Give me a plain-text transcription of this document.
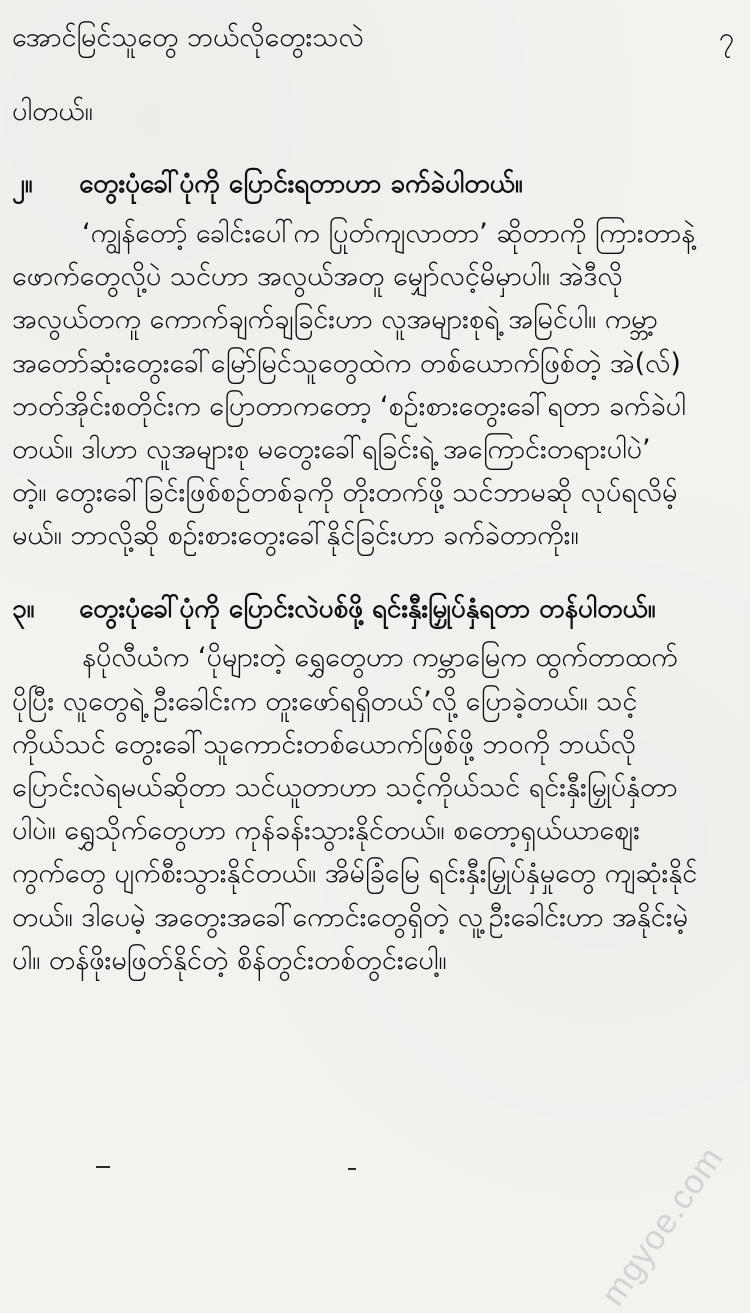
အောင်မြင်သူတွေ ဘယ်လိုတွေးသလဲ	၇
ပါတယ်။
၂။ တွေးပုံခေါ်ပုံကို ပြောင်းရတာဟာ ခက်ခဲပါတယ်။
‘ကျွန်တော့် ခေါင်းပေါ်က ပြုတ်ကျလာတာ’ ဆိုတာကို ကြားတာနဲ့
ဖောက်တွေလို့ပဲ သင်ဟာ အလွယ်အတူ မျှော်လင့်မိမှာပါ။ အဲဒီလို
အလွယ်တကူ ကောက်ချက်ချခြင်းဟာ လူအများစုရဲ့ အမြင်ပါ။ ကမ္ဘာ့
အတော်ဆုံးတွေးခေါ်မြော်မြင်သူတွေထဲက တစ်ယောက်ဖြစ်တဲ့ အဲ(လ်)
ဘတ်အိုင်းစတိုင်းက ပြောတာကတော့ ‘စဉ်းစားတွေးခေါ်ရတာ ခက်ခဲပါ
တယ်။ ဒါဟာ လူအများစု မတွေးခေါ်ရခြင်းရဲ့ အကြောင်းတရားပါပဲ’
တဲ့။ တွေးခေါ်ခြင်းဖြစ်စဉ်တစ်ခုကို တိုးတက်ဖို့ သင်ဘာမဆို လုပ်ရလိမ့်
မယ်။ ဘာလို့ဆို စဉ်းစားတွေးခေါ်နိုင်ခြင်းဟာ ခက်ခဲတာကိုး။
၃။ တွေးပုံခေါ်ပုံကို ပြောင်းလဲပစ်ဖို့ ရင်းနှီးမြှုပ်နှံရတာ တန်ပါတယ်။
နပိုလီယံက ‘ပိုများတဲ့ ရွှေတွေဟာ ကမ္ဘာမြေက ထွက်တာထက်
ပိုပြီး လူတွေရဲ့ ဦးခေါင်းက တူးဖော်ရရှိတယ်’လို့ ပြောခဲ့တယ်။ သင့်
ကိုယ်သင် တွေးခေါ်သူကောင်းတစ်ယောက်ဖြစ်ဖို့ ဘဝကို ဘယ်လို
ပြောင်းလဲရမယ်ဆိုတာ သင်ယူတာဟာ သင့်ကိုယ်သင် ရင်းနှီးမြှုပ်နှံတာ
ပါပဲ။ ရွှေသိုက်တွေဟာ ကုန်ခန်းသွားနိုင်တယ်။ စတော့ရှယ်ယာဈေး
ကွက်တွေ ပျက်စီးသွားနိုင်တယ်။ အိမ်ခြံမြေ ရင်းနှီးမြှုပ်နှံမှုတွေ ကျဆုံးနိုင်
တယ်။ ဒါပေမဲ့ အတွေးအခေါ်ကောင်းတွေရှိတဲ့ လူ့ဦးခေါင်းဟာ အနိုင်းမဲ့
ပါ။ တန်ဖိုးမဖြတ်နိုင်တဲ့ စိန်တွင်းတစ်တွင်းပေါ့။
mgyoe.com
